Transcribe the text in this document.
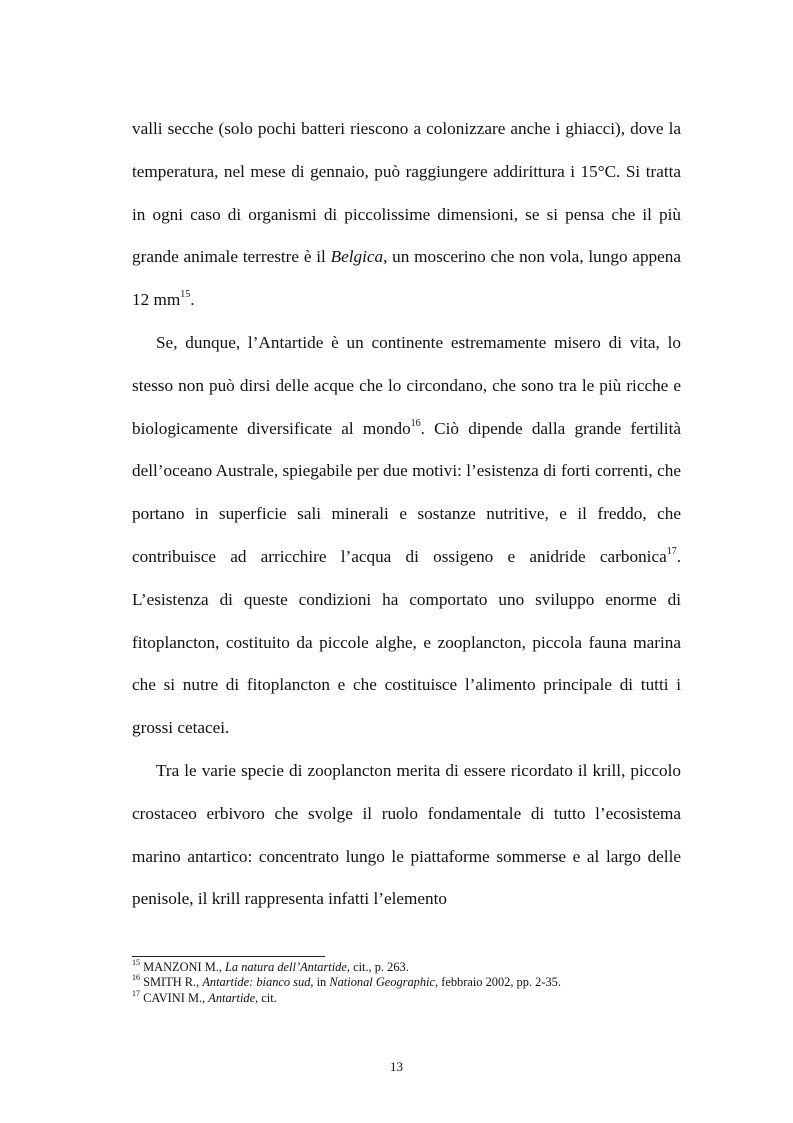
valli secche (solo pochi batteri riescono a colonizzare anche i ghiacci), dove la temperatura, nel mese di gennaio, può raggiungere addirittura i 15°C. Si tratta in ogni caso di organismi di piccolissime dimensioni, se si pensa che il più grande animale terrestre è il Belgica, un moscerino che non vola, lungo appena 12 $mm^{15}$.

Se, dunque, l’Antartide è un continente estremamente misero di vita, lo stesso non può dirsi delle acque che lo circondano, che sono tra le più ricche e biologicamente diversificate al mondo$^{16}$. Ciò dipende dalla grande fertilità dell’oceano Australe, spiegabile per due motivi: l’esistenza di forti correnti, che portano in superficie sali minerali e sostanze nutritive, e il freddo, che contribuisce ad arricchire l’acqua di ossigeno e anidride carbonica$^{17}$. L’esistenza di queste condizioni ha comportato uno sviluppo enorme di fitoplancton, costituito da piccole alghe, e zooplancton, piccola fauna marina che si nutre di fitoplancton e che costituisce l’alimento principale di tutti i grossi cetacei.

Tra le varie specie di zooplancton merita di essere ricordato il krill, piccolo crostaceo erbivoro che svolge il ruolo fondamentale di tutto l’ecosistema marino antartico: concentrato lungo le piattaforme sommerse e al largo delle penisole, il krill rappresenta infatti l’elemento

$^{15}$ MANZONI M., La natura dell’Antartide, cit., p. 263.
$^{16}$ SMITH R., Antartide: bianco sud, in National Geographic, febbraio 2002, pp. 2-35.
$^{17}$ CAVINI M., Antartide, cit.
13
